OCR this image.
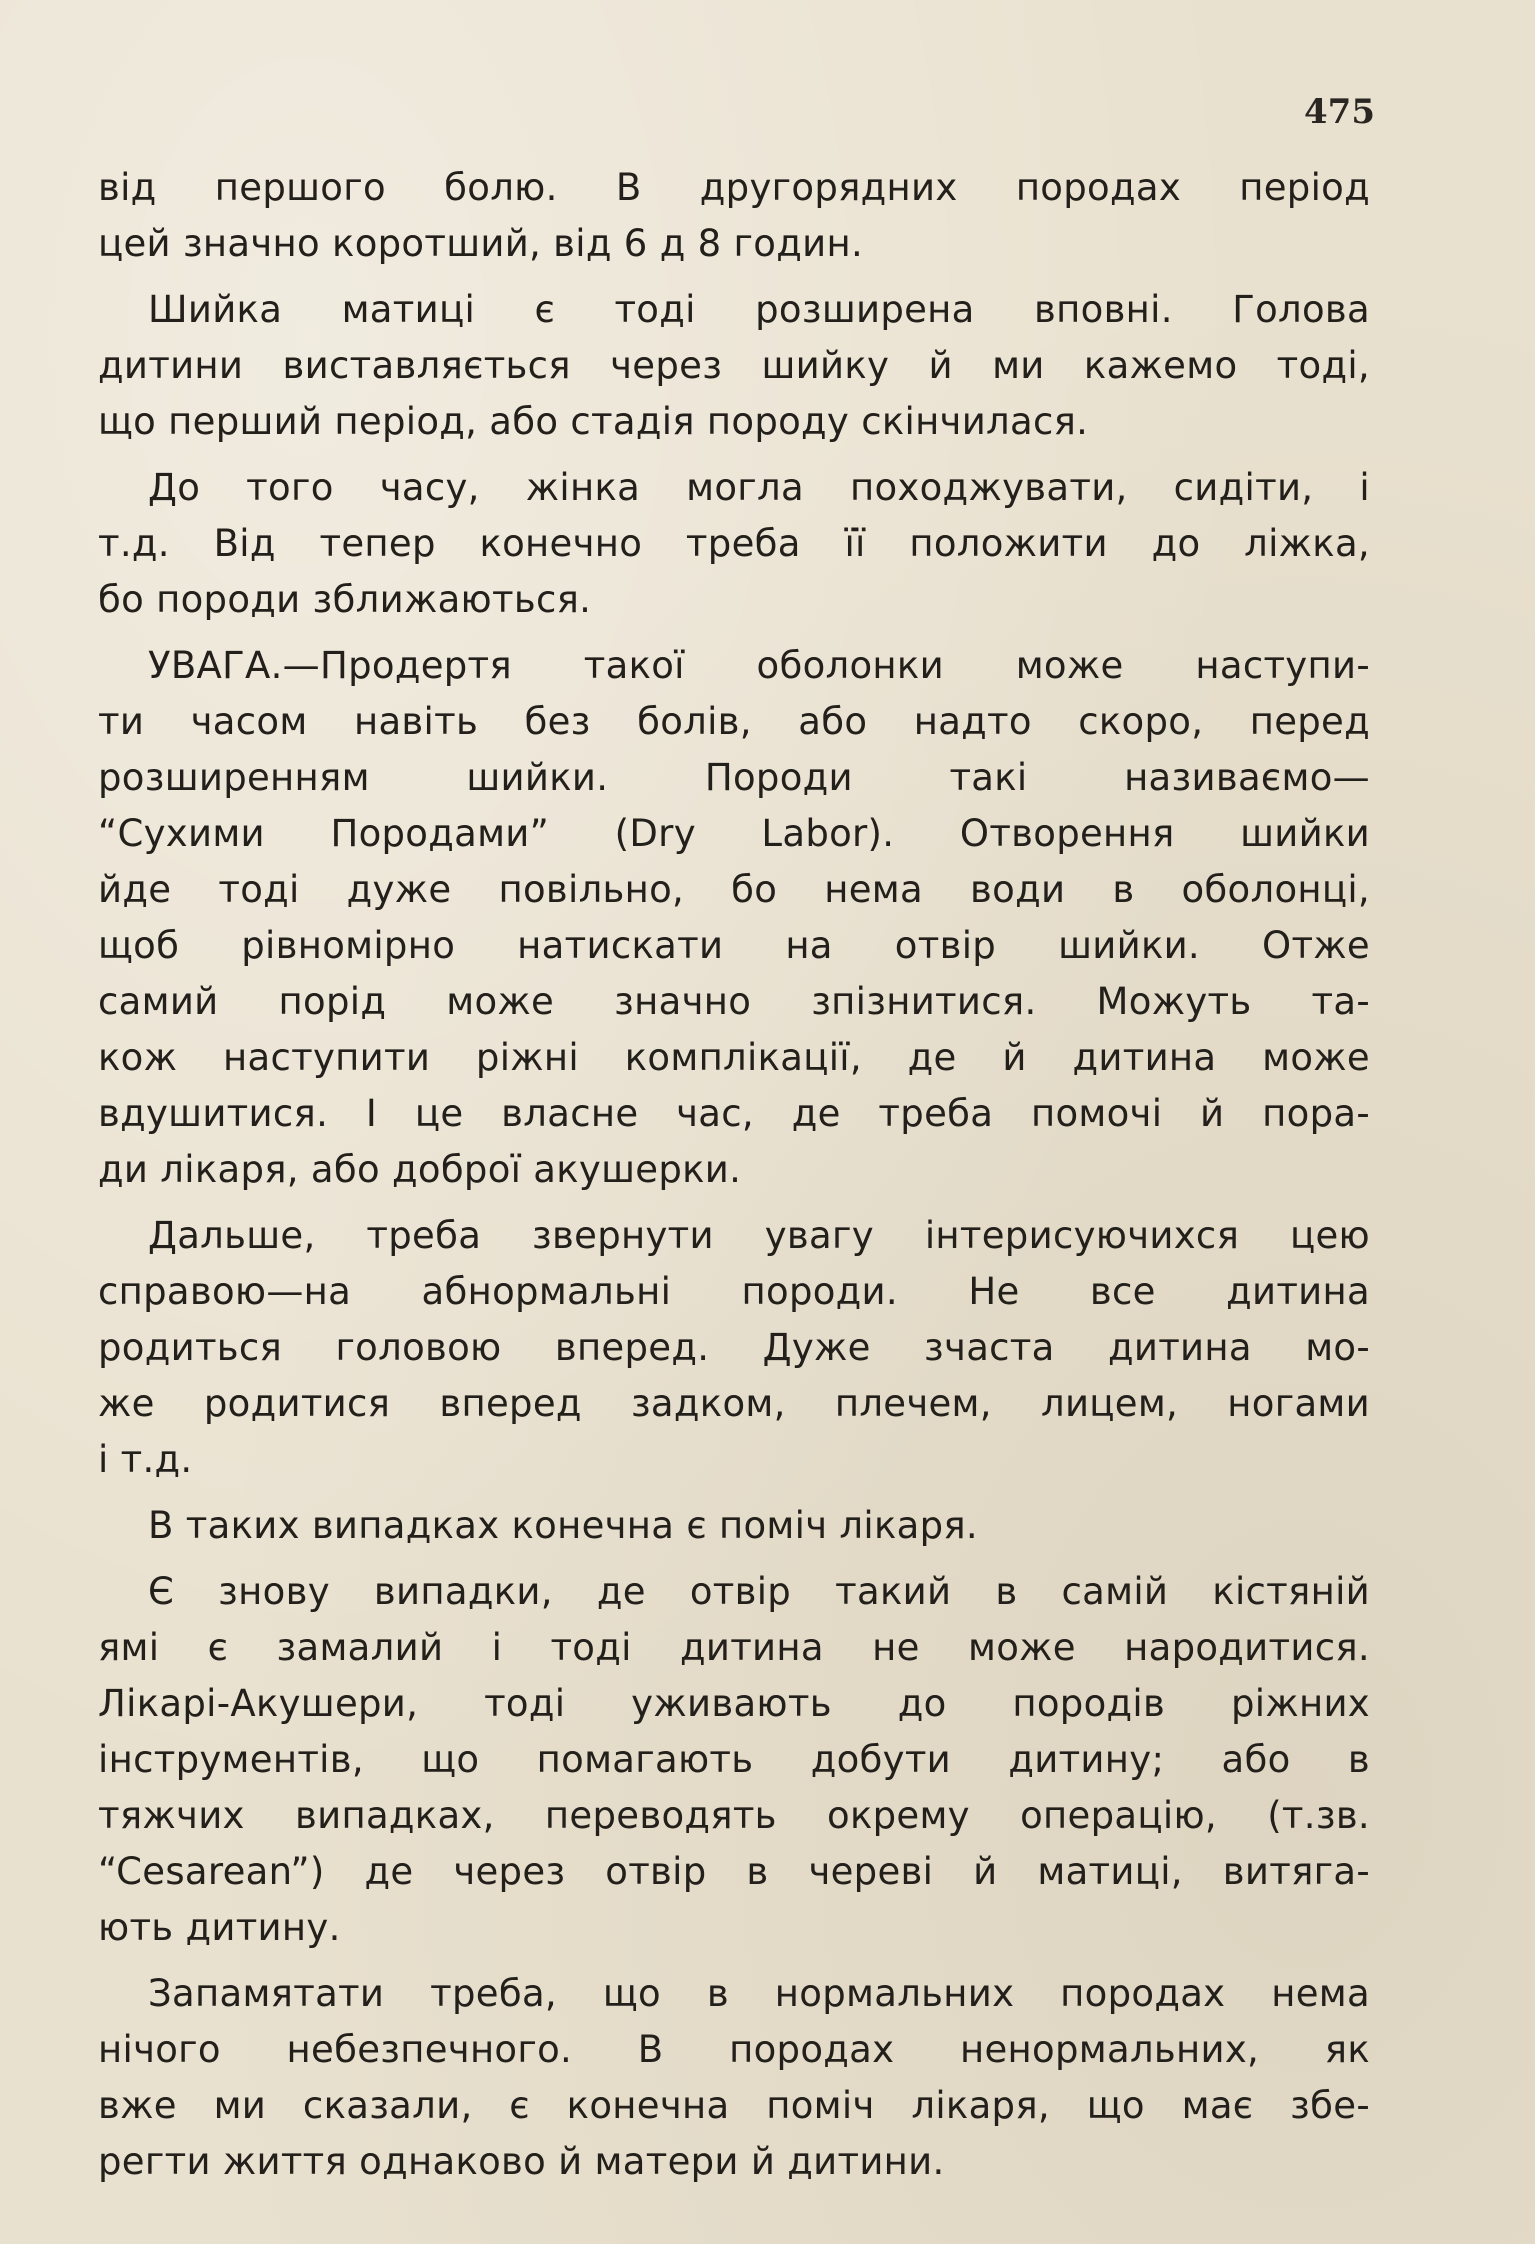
475
від першого болю. В другорядних породах період
цей значно коротший, від 6 д 8 годин.
Шийка матиці є тоді розширена вповні. Голова
дитини виставляється через шийку й ми кажемо тоді,
що перший період, або стадія породу скінчилася.
До того часу, жінка могла походжувати, сидіти, і
т.д. Від тепер конечно треба її положити до ліжка,
бо породи зближаються.
УВАГА.—Продертя такої оболонки може наступи-
ти часом навіть без болів, або надто скоро, перед
розширенням шийки. Породи такі називаємо—
“Сухими Породами” (Dry Labor). Отворення шийки
йде тоді дуже повільно, бо нема води в оболонці,
щоб рівномірно натискати на отвір шийки. Отже
самий порід може значно зпізнитися. Можуть та-
кож наступити ріжні комплікації, де й дитина може
вдушитися. І це власне час, де треба помочі й пора-
ди лікаря, або доброї акушерки.
Дальше, треба звернути увагу інтерисуючихся цею
справою—на абнормальні породи. Не все дитина
родиться головою вперед. Дуже зчаста дитина мо-
же родитися вперед задком, плечем, лицем, ногами
і т.д.
В таких випадках конечна є поміч лікаря.
Є знову випадки, де отвір такий в самій кістяній
ямі є замалий і тоді дитина не може народитися.
Лікарі-Акушери, тоді уживають до породів ріжних
інструментів, що помагають добути дитину; або в
тяжчих випадках, переводять окрему операцію, (т.зв.
“Cesarean”) де через отвір в череві й матиці, витяга-
ють дитину.
Запамятати треба, що в нормальних породах нема
нічого небезпечного. В породах ненормальних, як
вже ми сказали, є конечна поміч лікаря, що має збе-
регти життя однаково й матери й дитини.
